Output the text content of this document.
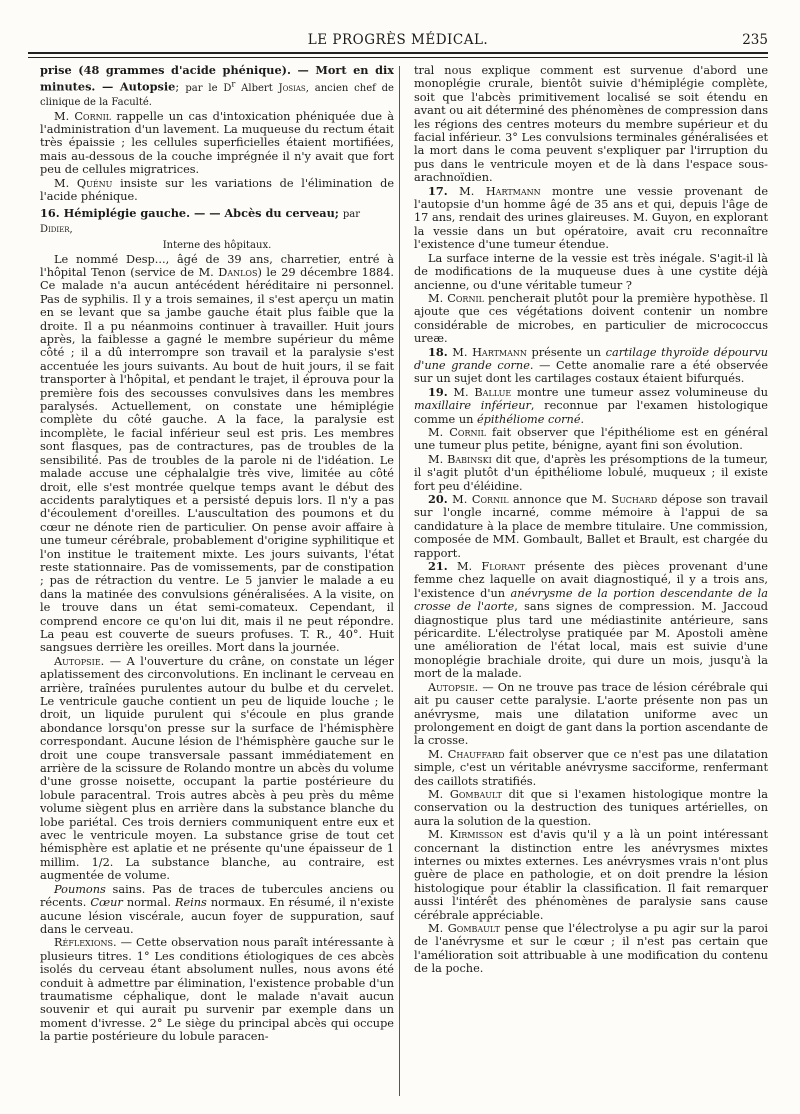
LE PROGRÈS MÉDICAL.	235

prise (48 grammes d'acide phénique). — Mort en dix minutes. — Autopsie; par le $D^r$ Albert Josias, ancien chef de clinique de la Faculté.

M. Cornil rappelle un cas d'intoxication phéniquée due à l'administration d'un lavement. La muqueuse du rectum était très épaissie ; les cellules superficielles étaient mortifiées, mais au-dessous de la couche imprégnée il n'y avait que fort peu de cellules migratrices.

M. Quénu insiste sur les variations de l'élimination de l'acide phénique.

16. Hémiplégie gauche. — — Abcès du cerveau; par Didier,

Interne des hôpitaux.

Le nommé Desp..., âgé de 39 ans, charretier, entré à l'hôpital Tenon (service de M. Danlos) le 29 décembre 1884. Ce malade n'a aucun antécédent héréditaire ni personnel. Pas de syphilis. Il y a trois semaines, il s'est aperçu un matin en se levant que sa jambe gauche était plus faible que la droite. Il a pu néanmoins continuer à travailler. Huit jours après, la faiblesse a gagné le membre supérieur du même côté ; il a dû interrompre son travail et la paralysie s'est accentuée les jours suivants. Au bout de huit jours, il se fait transporter à l'hôpital, et pendant le trajet, il éprouva pour la première fois des secousses convulsives dans les membres paralysés. Actuellement, on constate une hémiplégie complète du côté gauche. A la face, la paralysie est incomplète, le facial inférieur seul est pris. Les membres sont flasques, pas de contractures, pas de troubles de la sensibilité. Pas de troubles de la parole ni de l'idéation. Le malade accuse une céphalalgie très vive, limitée au côté droit, elle s'est montrée quelque temps avant le début des accidents paralytiques et a persisté depuis lors. Il n'y a pas d'écoulement d'oreilles. L'auscultation des poumons et du cœur ne dénote rien de particulier. On pense avoir affaire à une tumeur cérébrale, probablement d'origine syphilitique et l'on institue le traitement mixte. Les jours suivants, l'état reste stationnaire. Pas de vomissements, par de constipation ; pas de rétraction du ventre. Le 5 janvier le malade a eu dans la matinée des convulsions généralisées. A la visite, on le trouve dans un état semi-comateux. Cependant, il comprend encore ce qu'on lui dit, mais il ne peut répondre. La peau est couverte de sueurs profuses. T. R., 40°. Huit sangsues derrière les oreilles. Mort dans la journée.

Autopsie. — A l'ouverture du crâne, on constate un léger aplatissement des circonvolutions. En inclinant le cerveau en arrière, traînées purulentes autour du bulbe et du cervelet. Le ventricule gauche contient un peu de liquide louche ; le droit, un liquide purulent qui s'écoule en plus grande abondance lorsqu'on presse sur la surface de l'hémisphère correspondant. Aucune lésion de l'hémisphère gauche sur le droit une coupe transversale passant immédiatement en arrière de la scissure de Rolando montre un abcès du volume d'une grosse noisette, occupant la partie postérieure du lobule paracentral. Trois autres abcès à peu près du même volume siègent plus en arrière dans la substance blanche du lobe pariétal. Ces trois derniers communiquent entre eux et avec le ventricule moyen. La substance grise de tout cet hémisphère est aplatie et ne présente qu'une épaisseur de 1 millim. 1/2. La substance blanche, au contraire, est augmentée de volume.

Poumons sains. Pas de traces de tubercules anciens ou récents. Cœur normal. Reins normaux. En résumé, il n'existe aucune lésion viscérale, aucun foyer de suppuration, sauf dans le cerveau.

Réflexions. — Cette observation nous paraît intéressante à plusieurs titres. 1° Les conditions étiologiques de ces abcès isolés du cerveau étant absolument nulles, nous avons été conduit à admettre par élimination, l'existence probable d'un traumatisme céphalique, dont le malade n'avait aucun souvenir et qui aurait pu survenir par exemple dans un moment d'ivresse. 2° Le siège du principal abcès qui occupe la partie postérieure du lobule paracen-

tral nous explique comment est survenue d'abord une monoplégie crurale, bientôt suivie d'hémiplégie complète, soit que l'abcès primitivement localisé se soit étendu en avant ou ait déterminé des phénomènes de compression dans les régions des centres moteurs du membre supérieur et du facial inférieur. 3° Les convulsions terminales généralisées et la mort dans le coma peuvent s'expliquer par l'irruption du pus dans le ventricule moyen et de là dans l'espace sous-arachnoïdien.

17. M. Hartmann montre une vessie provenant de l'autopsie d'un homme âgé de 35 ans et qui, depuis l'âge de 17 ans, rendait des urines glaireuses. M. Guyon, en explorant la vessie dans un but opératoire, avait cru reconnaître l'existence d'une tumeur étendue.

La surface interne de la vessie est très inégale. S'agit-il là de modifications de la muqueuse dues à une cystite déjà ancienne, ou d'une véritable tumeur ?

M. Cornil pencherait plutôt pour la première hypothèse. Il ajoute que ces végétations doivent contenir un nombre considérable de microbes, en particulier de micrococcus ureæ.

18. M. Hartmann présente un cartilage thyroïde dépourvu d'une grande corne. — Cette anomalie rare a été observée sur un sujet dont les cartilages costaux étaient bifurqués.

19. M. Ballue montre une tumeur assez volumineuse du maxillaire inférieur, reconnue par l'examen histologique comme un épithéliome corné.

M. Cornil fait observer que l'épithéliome est en général une tumeur plus petite, bénigne, ayant fini son évolution.

M. Babinski dit que, d'après les présomptions de la tumeur, il s'agit plutôt d'un épithéliome lobulé, muqueux ; il existe fort peu d'éléidine.

20. M. Cornil annonce que M. Suchard dépose son travail sur l'ongle incarné, comme mémoire à l'appui de sa candidature à la place de membre titulaire. Une commission, composée de MM. Gombault, Ballet et Brault, est chargée du rapport.

21. M. Florant présente des pièces provenant d'une femme chez laquelle on avait diagnostiqué, il y a trois ans, l'existence d'un anévrysme de la portion descendante de la crosse de l'aorte, sans signes de compression. M. Jaccoud diagnostique plus tard une médiastinite antérieure, sans péricardite. L'électrolyse pratiquée par M. Apostoli amène une amélioration de l'état local, mais est suivie d'une monoplégie brachiale droite, qui dure un mois, jusqu'à la mort de la malade.

Autopsie. — On ne trouve pas trace de lésion cérébrale qui ait pu causer cette paralysie. L'aorte présente non pas un anévrysme, mais une dilatation uniforme avec un prolongement en doigt de gant dans la portion ascendante de la crosse.

M. Chauffard fait observer que ce n'est pas une dilatation simple, c'est un véritable anévrysme sacciforme, renfermant des caillots stratifiés.

M. Gombault dit que si l'examen histologique montre la conservation ou la destruction des tuniques artérielles, on aura la solution de la question.

M. Kirmisson est d'avis qu'il y a là un point intéressant concernant la distinction entre les anévrysmes mixtes internes ou mixtes externes. Les anévrysmes vrais n'ont plus guère de place en pathologie, et on doit prendre la lésion histologique pour établir la classification. Il fait remarquer aussi l'intérêt des phénomènes de paralysie sans cause cérébrale appréciable.

M. Gombault pense que l'électrolyse a pu agir sur la paroi de l'anévrysme et sur le cœur ; il n'est pas certain que l'amélioration soit attribuable à une modification du contenu de la poche.
